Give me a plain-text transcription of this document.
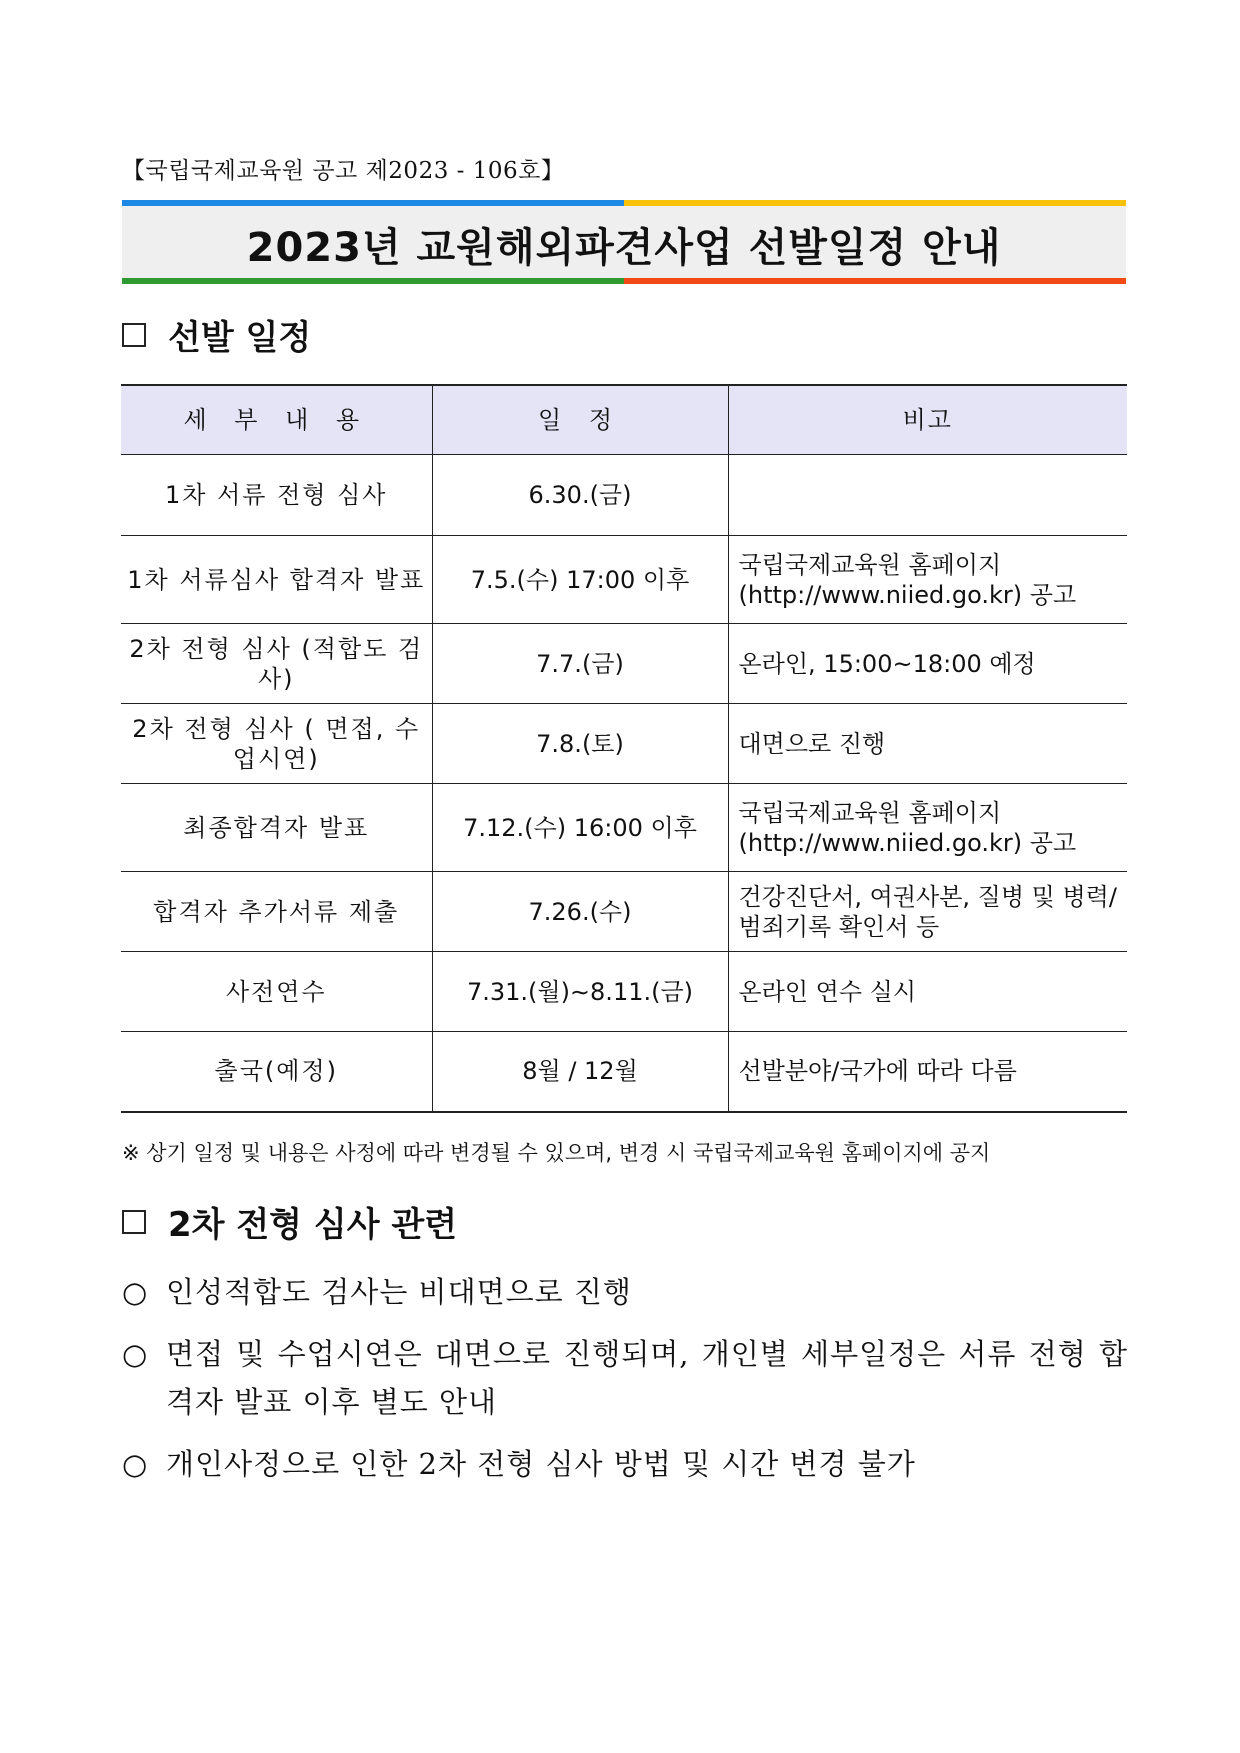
【국립국제교육원 공고 제2023 - 106호】
2023년 교원해외파견사업 선발일정 안내
선발 일정
세 부 내 용	일 정	비고
1차 서류 전형 심사	6.30.(금)	
1차 서류심사 합격자 발표	7.5.(수) 17:00 이후	국립국제교육원 홈페이지 (http://www.niied.go.kr) 공고
2차 전형 심사 (적합도 검사)	7.7.(금)	온라인, 15:00~18:00 예정
2차 전형 심사 ( 면접, 수업시연)	7.8.(토)	대면으로 진행
최종합격자 발표	7.12.(수) 16:00 이후	국립국제교육원 홈페이지 (http://www.niied.go.kr) 공고
합격자 추가서류 제출	7.26.(수)	건강진단서, 여권사본, 질병 및 병력/범죄기록 확인서 등
사전연수	7.31.(월)∼8.11.(금)	온라인 연수 실시
출국(예정)	8월 / 12월	선발분야/국가에 따라 다름
※ 상기 일정 및 내용은 사정에 따라 변경될 수 있으며, 변경 시 국립국제교육원 홈페이지에 공지
2차 전형 심사 관련
○ 인성적합도 검사는 비대면으로 진행
○ 면접 및 수업시연은 대면으로 진행되며, 개인별 세부일정은 서류 전형 합격자 발표 이후 별도 안내
○ 개인사정으로 인한 2차 전형 심사 방법 및 시간 변경 불가
